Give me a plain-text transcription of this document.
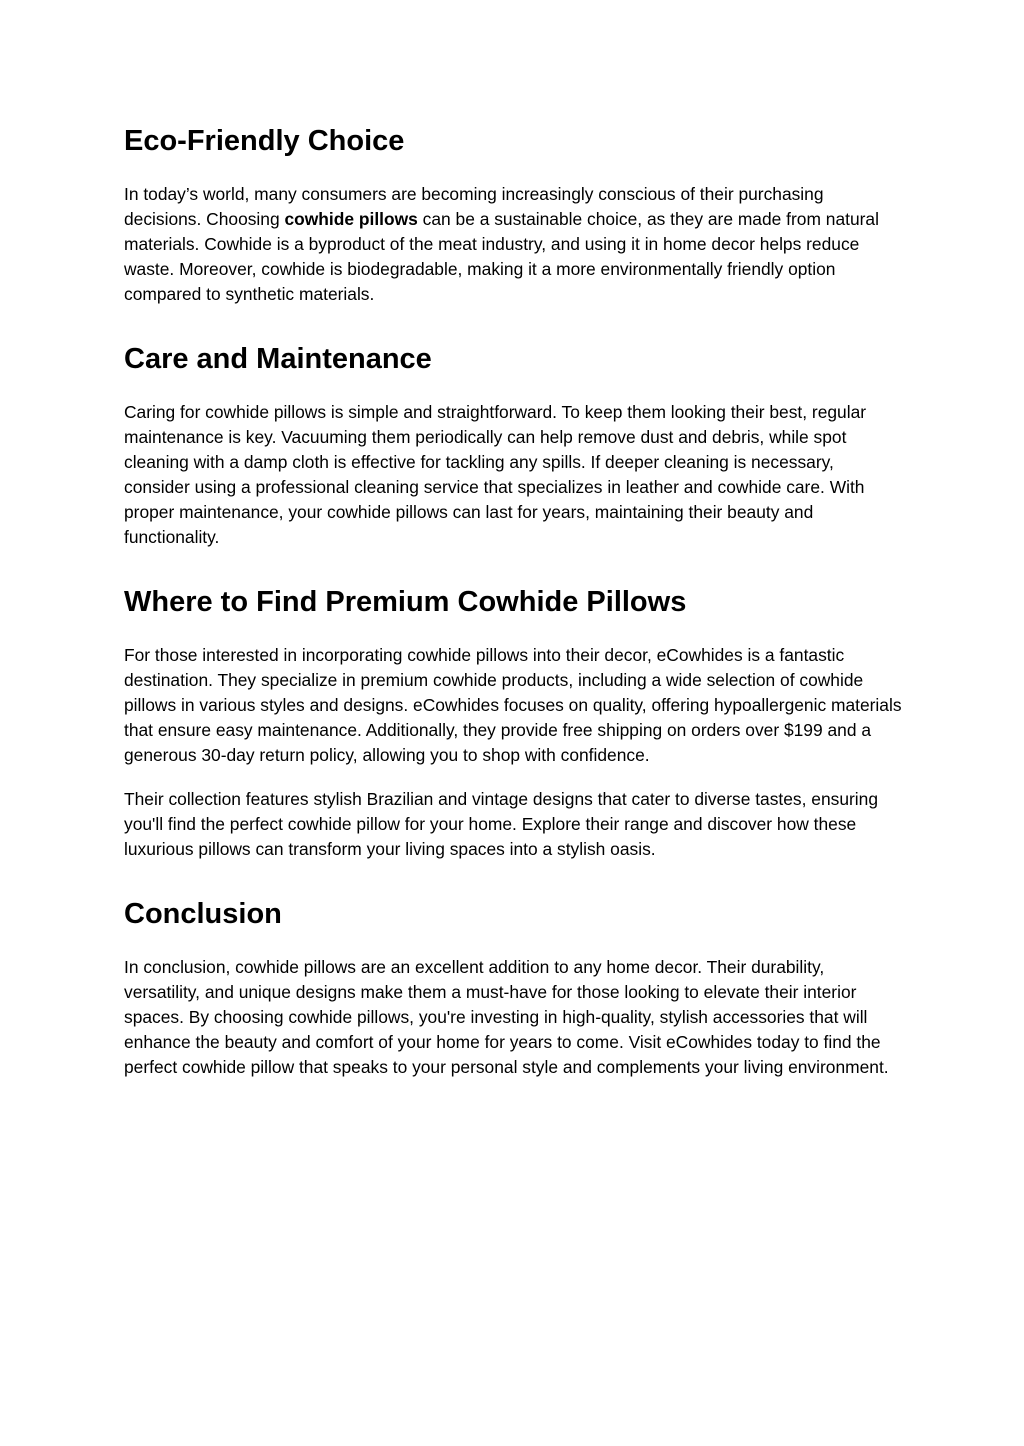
Eco-Friendly Choice

In today’s world, many consumers are becoming increasingly conscious of their purchasing decisions. Choosing cowhide pillows can be a sustainable choice, as they are made from natural materials. Cowhide is a byproduct of the meat industry, and using it in home decor helps reduce waste. Moreover, cowhide is biodegradable, making it a more environmentally friendly option compared to synthetic materials.

Care and Maintenance

Caring for cowhide pillows is simple and straightforward. To keep them looking their best, regular maintenance is key. Vacuuming them periodically can help remove dust and debris, while spot cleaning with a damp cloth is effective for tackling any spills. If deeper cleaning is necessary, consider using a professional cleaning service that specializes in leather and cowhide care. With proper maintenance, your cowhide pillows can last for years, maintaining their beauty and functionality.

Where to Find Premium Cowhide Pillows

For those interested in incorporating cowhide pillows into their decor, eCowhides is a fantastic destination. They specialize in premium cowhide products, including a wide selection of cowhide pillows in various styles and designs. eCowhides focuses on quality, offering hypoallergenic materials that ensure easy maintenance. Additionally, they provide free shipping on orders over $199 and a generous 30-day return policy, allowing you to shop with confidence.

Their collection features stylish Brazilian and vintage designs that cater to diverse tastes, ensuring you'll find the perfect cowhide pillow for your home. Explore their range and discover how these luxurious pillows can transform your living spaces into a stylish oasis.

Conclusion

In conclusion, cowhide pillows are an excellent addition to any home decor. Their durability, versatility, and unique designs make them a must-have for those looking to elevate their interior spaces. By choosing cowhide pillows, you're investing in high-quality, stylish accessories that will enhance the beauty and comfort of your home for years to come. Visit eCowhides today to find the perfect cowhide pillow that speaks to your personal style and complements your living environment.
